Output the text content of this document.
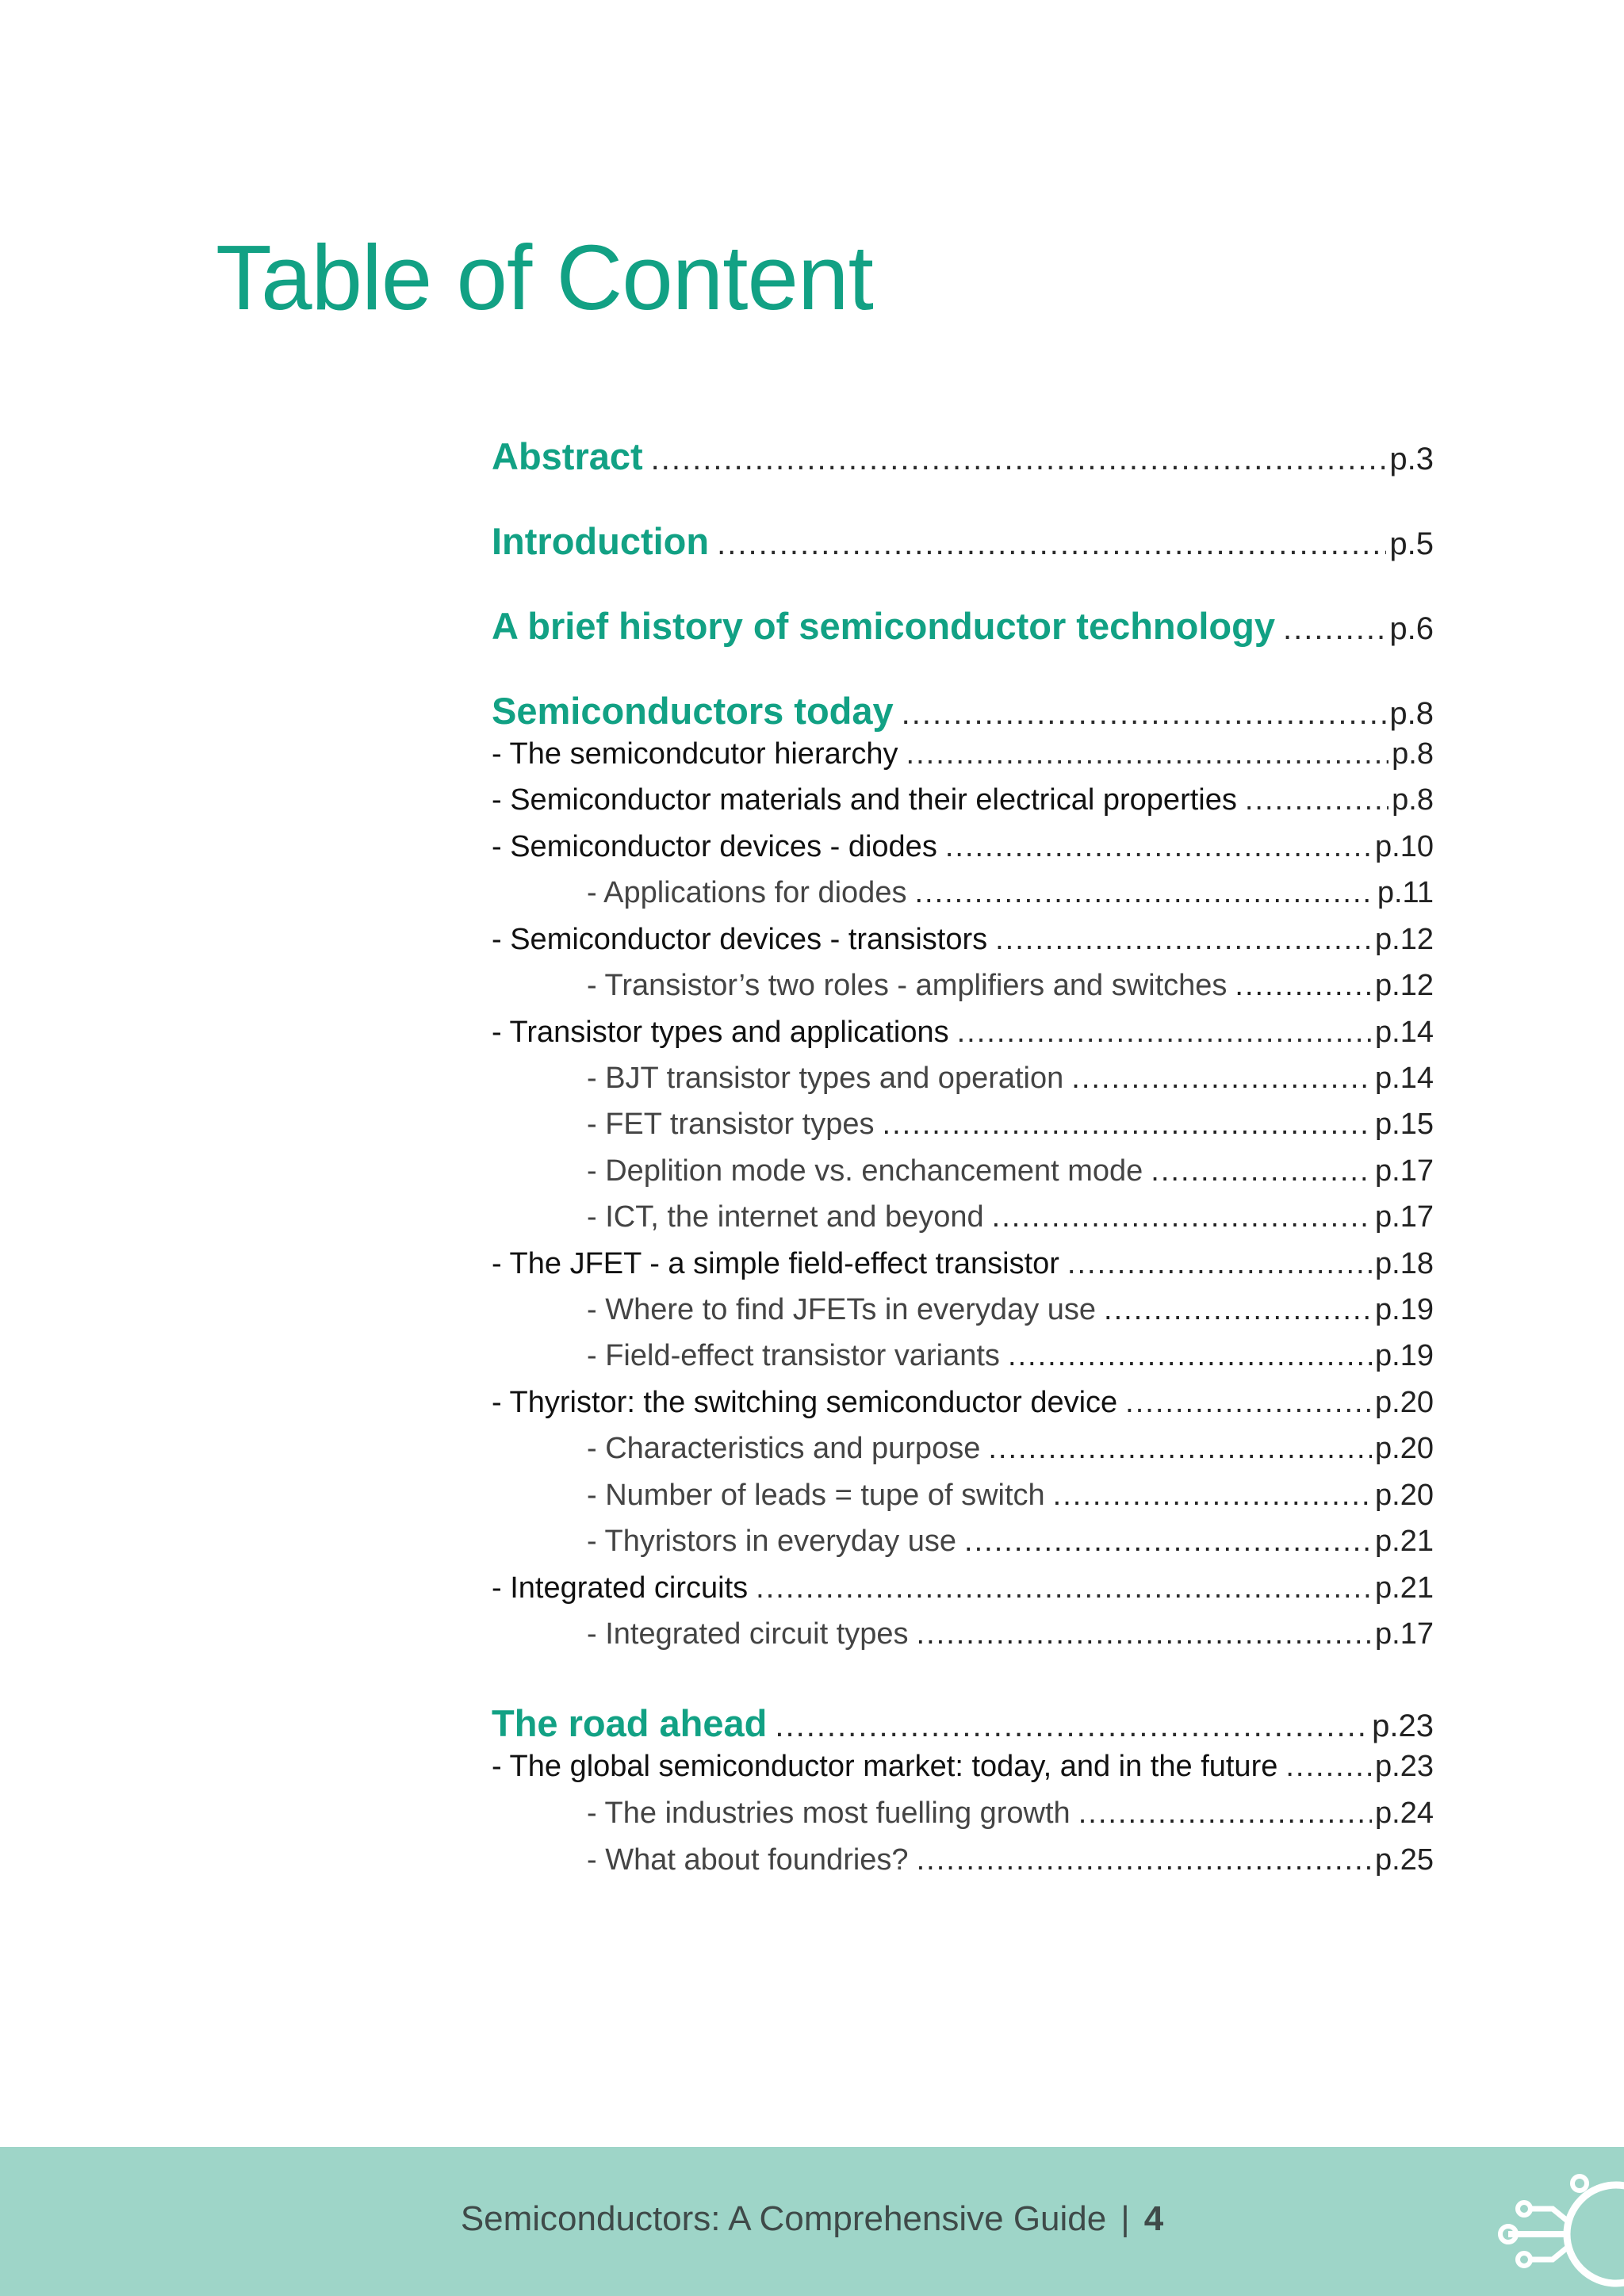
Table of Content
Abstract .....	p.3
Introduction .....	p.5
A brief history of semiconductor technology .....	p.6
Semiconductors today .....	p.8
- The semicondcutor hierarchy .....	p.8
- Semiconductor materials and their electrical properties .....	p.8
- Semiconductor devices - diodes .....	p.10
- Applications for diodes .....	p.11
- Semiconductor devices - transistors .....	p.12
- Transistor’s two roles - amplifiers and switches .....	p.12
- Transistor types and applications .....	p.14
- BJT transistor types and operation .....	p.14
- FET transistor types .....	p.15
- Deplition mode vs. enchancement mode .....	p.17
- ICT, the internet and beyond .....	p.17
- The JFET - a simple field-effect transistor .....	p.18
- Where to find JFETs in everyday use .....	p.19
- Field-effect transistor variants .....	p.19
- Thyristor: the switching semiconductor device .....	p.20
- Characteristics and purpose .....	p.20
- Number of leads = tupe of switch .....	p.20
- Thyristors in everyday use .....	p.21
- Integrated circuits .....	p.21
- Integrated circuit types .....	p.17
The road ahead .....	p.23
- The global semiconductor market: today, and in the future .....	p.23
- The industries most fuelling growth .....	p.24
- What about foundries? .....	p.25
Semiconductors: A Comprehensive Guide | 4
